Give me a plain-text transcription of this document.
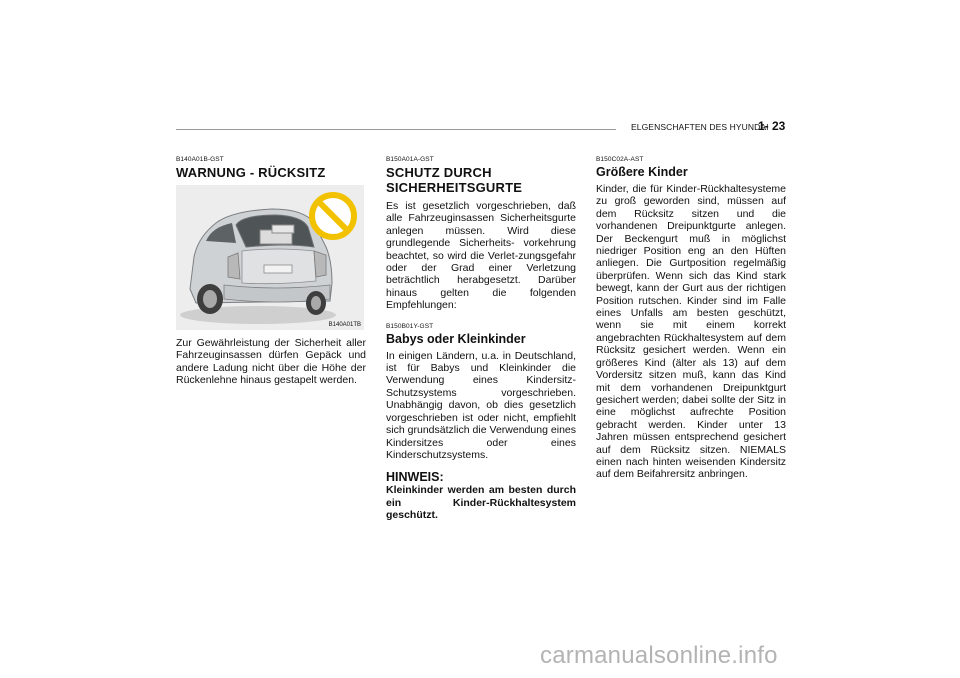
ELGENSCHAFTEN DES HYUNDAI
1- 23
B140A01B-GST
WARNUNG - RÜCKSITZ
B140A01TB
Zur Gewährleistung der Sicherheit aller Fahrzeuginsassen dürfen Gepäck und andere Ladung nicht über die Höhe der Rückenlehne hinaus gestapelt werden.
B150A01A-GST
SCHUTZ DURCH SICHERHEITSGURTE
Es ist gesetzlich vorgeschrieben, daß alle Fahrzeuginsassen Sicherheitsgurte anlegen müssen. Wird diese grundlegende Sicherheits- vorkehrung beachtet, so wird die Verlet-zungsgefahr oder der Grad einer Verletzung beträchtlich herabgesetzt. Darüber hinaus gelten die folgenden Empfehlungen:
B150B01Y-GST
Babys oder Kleinkinder
In einigen Ländern, u.a. in Deutschland, ist für Babys und Kleinkinder die Verwendung eines Kindersitz-Schutzsystems vorgeschrieben. Unabhängig davon, ob dies gesetzlich vorgeschrieben ist oder nicht, empfiehlt sich grundsätzlich die Verwendung eines Kindersitzes oder eines Kinderschutzsystems.
HINWEIS:
Kleinkinder werden am besten durch ein Kinder-Rückhaltesystem geschützt.
B150C02A-AST
Größere Kinder
Kinder, die für Kinder-Rückhaltesysteme zu groß geworden sind, müssen auf dem Rücksitz sitzen und die vorhandenen Dreipunktgurte anlegen. Der Beckengurt muß in möglichst niedriger Position eng an den Hüften anliegen. Die Gurtposition regelmäßig überprüfen. Wenn sich das Kind stark bewegt, kann der Gurt aus der richtigen Position rutschen. Kinder sind im Falle eines Unfalls am besten geschützt, wenn sie mit einem korrekt angebrachten Rückhaltesystem auf dem Rücksitz gesichert werden. Wenn ein größeres Kind (älter als 13) auf dem Vordersitz sitzen muß, kann das Kind mit dem vorhandenen Dreipunktgurt gesichert werden; dabei sollte der Sitz in eine möglichst aufrechte Position gebracht werden. Kinder unter 13 Jahren müssen entsprechend gesichert auf dem Rücksitz sitzen. NIEMALS einen nach hinten weisenden Kindersitz auf dem Beifahrersitz anbringen.
carmanualsonline.info
